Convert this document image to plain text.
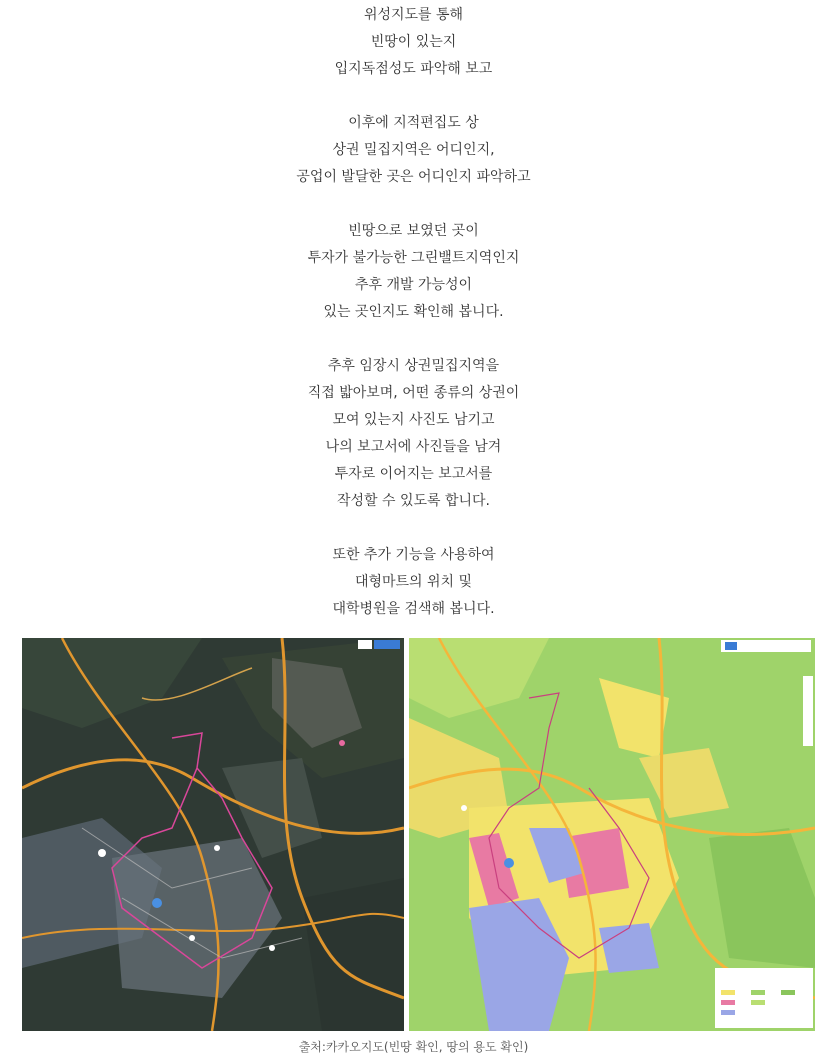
위성지도를 통해
빈땅이 있는지
입지독점성도 파악해 보고

이후에 지적편집도 상
상권 밀집지역은 어디인지,
공업이 발달한 곳은 어디인지 파악하고

빈땅으로 보였던 곳이
투자가 불가능한 그린밸트지역인지
추후 개발 가능성이
있는 곳인지도 확인해 봅니다.

추후 임장시 상권밀집지역을
직접 밟아보며, 어떤 종류의 상권이
모여 있는지 사진도 남기고
나의 보고서에 사진들을 남겨
투자로 이어지는 보고서를
작성할 수 있도록 합니다.

또한 추가 기능을 사용하여
대형마트의 위치 및
대학병원을 검색해 봅니다.

출처:카카오지도(빈땅 확인, 땅의 용도 확인)
